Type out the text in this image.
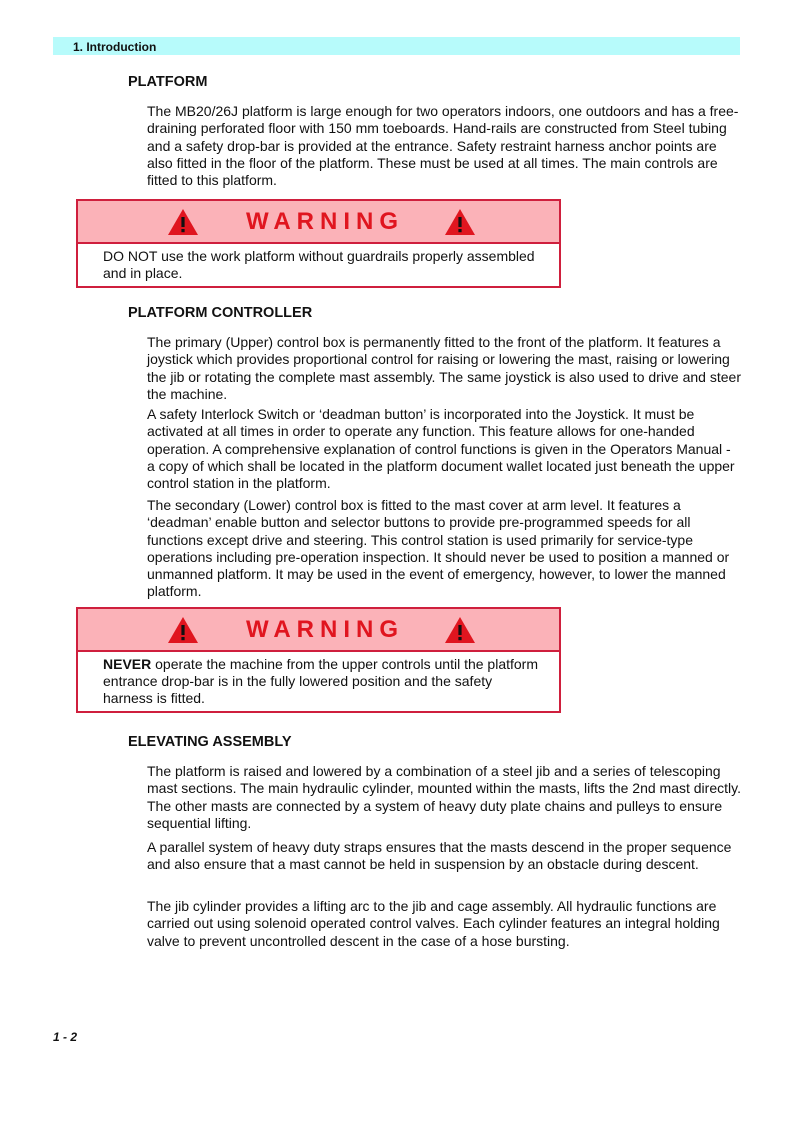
1. Introduction
PLATFORM

The MB20/26J platform is large enough for two operators indoors, one outdoors and has a free-draining perforated floor with 150 mm toeboards. Hand-rails are constructed from Steel tubing and a safety drop-bar is provided at the entrance. Safety restraint harness anchor points are also fitted in the floor of the platform. These must be used at all times. The main controls are fitted to this platform.

WARNING
DO NOT use the work platform without guardrails properly assembled and in place.
PLATFORM CONTROLLER

The primary (Upper) control box is permanently fitted to the front of the platform. It features a joystick which provides proportional control for raising or lowering the mast, raising or lowering the jib or rotating the complete mast assembly. The same joystick is also used to drive and steer the machine.

A safety Interlock Switch or ‘deadman button’ is incorporated into the Joystick. It must be activated at all times in order to operate any function. This feature allows for one-handed operation. A comprehensive explanation of control functions is given in the Operators Manual - a copy of which shall be located in the platform document wallet located just beneath the upper control station in the platform.

The secondary (Lower) control box is fitted to the mast cover at arm level. It features a ‘deadman’ enable button and selector buttons to provide pre-programmed speeds for all functions except drive and steering. This control station is used primarily for service-type operations including pre-operation inspection. It should never be used to position a manned or unmanned platform. It may be used in the event of emergency, however, to lower the manned platform.

WARNING
NEVER operate the machine from the upper controls until the platform entrance drop-bar is in the fully lowered position and the safety harness is fitted.
ELEVATING ASSEMBLY

The platform is raised and lowered by a combination of a steel jib and a series of telescoping mast sections. The main hydraulic cylinder, mounted within the masts, lifts the 2nd mast directly. The other masts are connected by a system of heavy duty plate chains and pulleys to ensure sequential lifting.

A parallel system of heavy duty straps ensures that the masts descend in the proper sequence and also ensure that a mast cannot be held in suspension by an obstacle during descent.

The jib cylinder provides a lifting arc to the jib and cage assembly. All hydraulic functions are carried out using solenoid operated control valves. Each cylinder features an integral holding valve to prevent uncontrolled descent in the case of a hose bursting.

1 - 2
